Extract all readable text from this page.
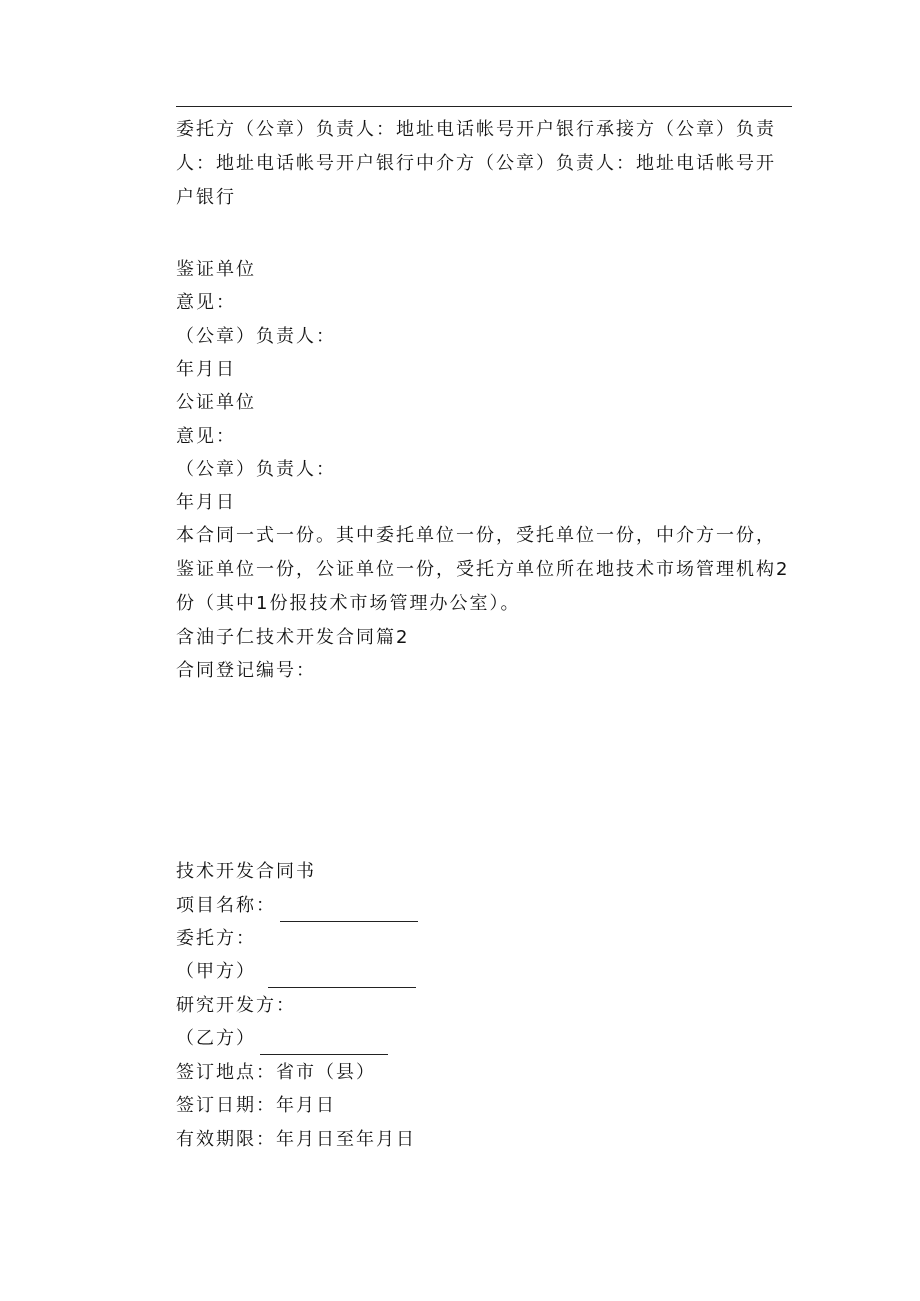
委托方（公章）负责人：地址电话帐号开户银行承接方（公章）负责人：地址电话帐号开户银行中介方（公章）负责人：地址电话帐号开户银行

鉴证单位

意见：

（公章）负责人：

年月日

公证单位

意见：

（公章）负责人：

年月日

本合同一式一份。其中委托单位一份，受托单位一份，中介方一份，鉴证单位一份，公证单位一份，受托方单位所在地技术市场管理机构2份（其中1份报技术市场管理办公室）。

含油子仁技术开发合同篇2

合同登记编号：

技术开发合同书

项目名称：

委托方：

（甲方）

研究开发方：

（乙方）

签订地点：省市（县）

签订日期：年月日

有效期限：年月日至年月日
